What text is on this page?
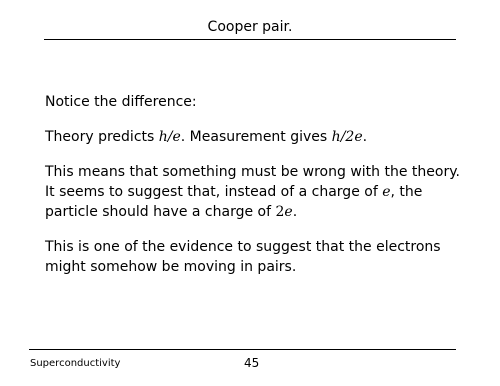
Cooper pair.

Notice the difference:

Theory predicts h/e. Measurement gives h/2e.

This means that something must be wrong with the theory. It seems to suggest that, instead of a charge of e, the particle should have a charge of 2e.

This is one of the evidence to suggest that the electrons might somehow be moving in pairs.

Superconductivity	45
